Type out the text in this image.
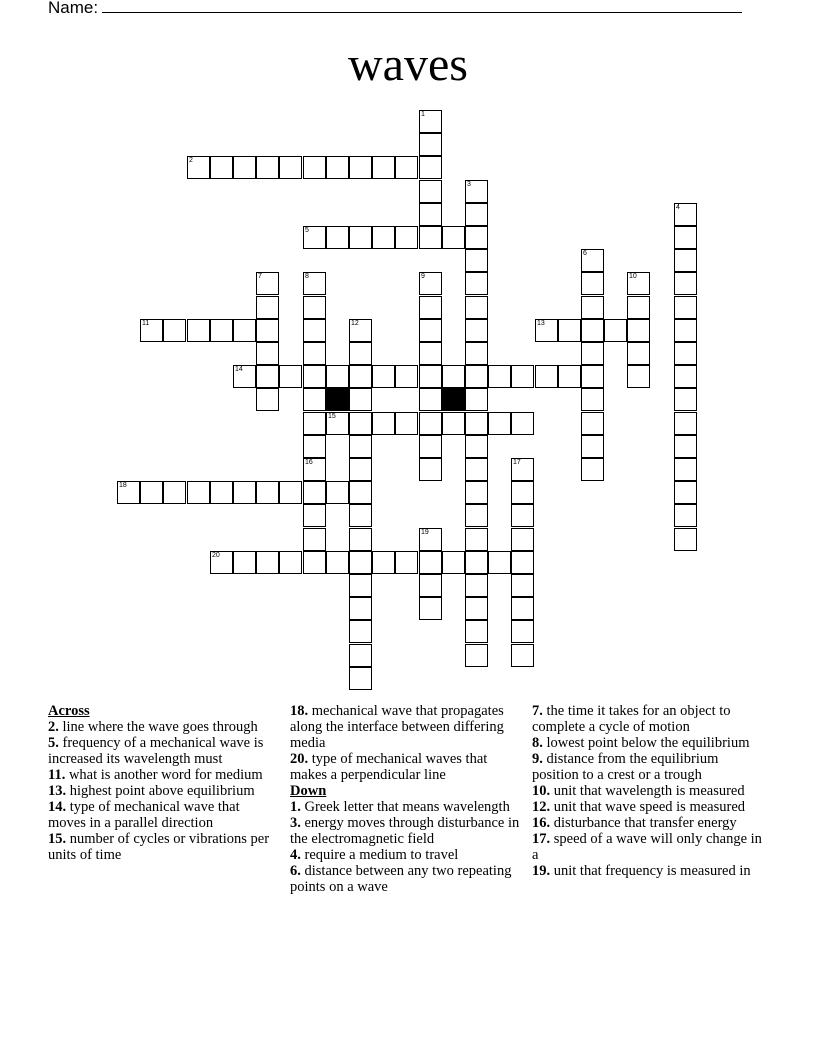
Name:
waves
2
5
11	13
14
15
18
20
1
3
4
6
7	8
16
9	10
12
17
19
Across
2. line where the wave goes through
5. frequency of a mechanical wave is increased its wavelength must
11. what is another word for medium
13. highest point above equilibrium
14. type of mechanical wave that moves in a parallel direction
15. number of cycles or vibrations per units of time
18. mechanical wave that propagates along the interface between differing media
20. type of mechanical waves that makes a perpendicular line
Down
1. Greek letter that means wavelength
3. energy moves through disturbance in the electromagnetic field
4. require a medium to travel
6. distance between any two repeating points on a wave
7. the time it takes for an object to complete a cycle of motion
8. lowest point below the equilibrium
9. distance from the equilibrium position to a crest or a trough
10. unit that wavelength is measured
12. unit that wave speed is measured
16. disturbance that transfer energy
17. speed of a wave will only change in a
19. unit that frequency is measured in
